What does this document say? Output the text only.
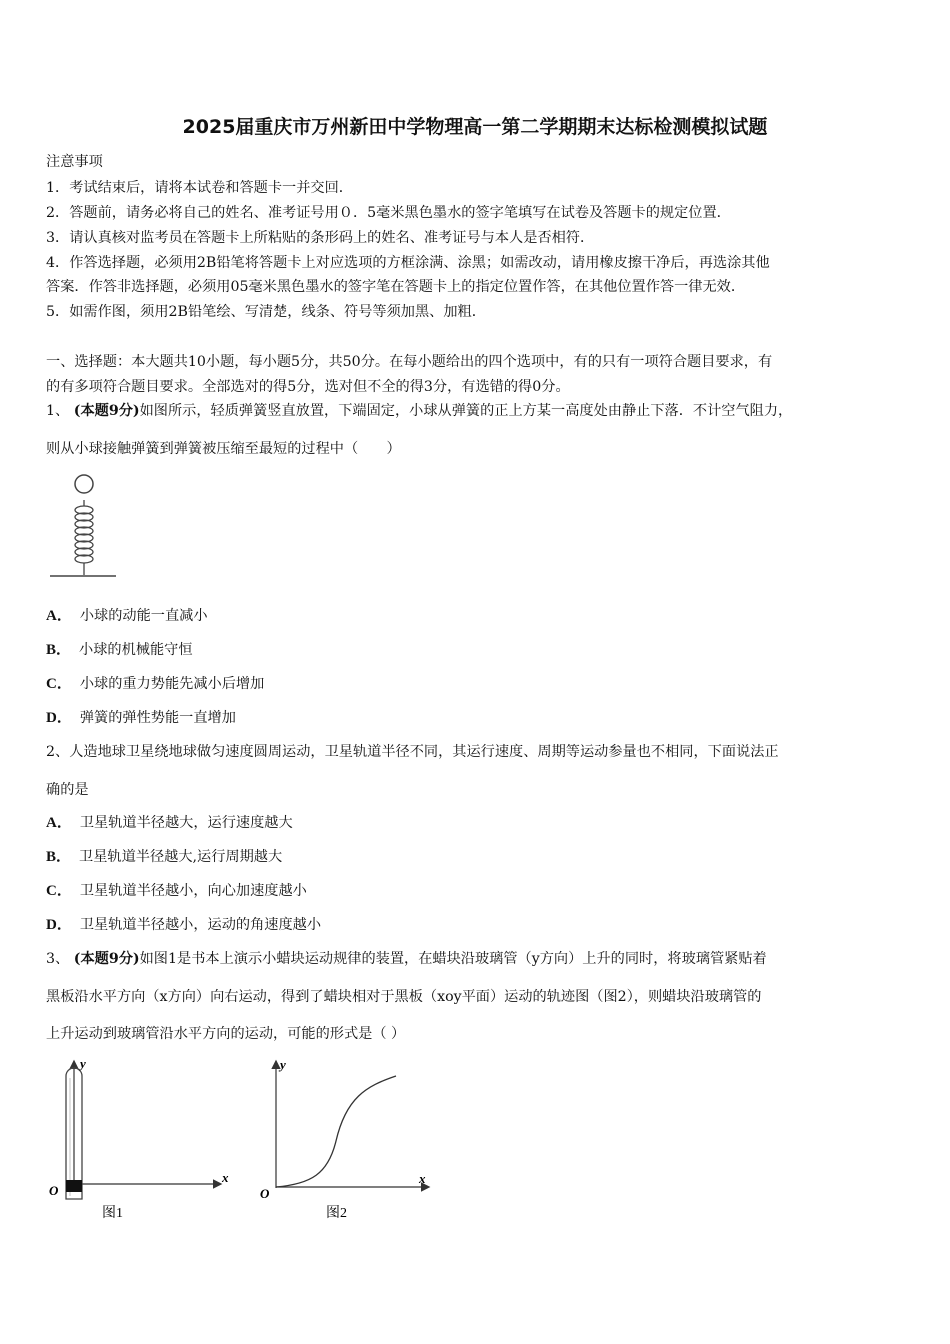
2025届重庆市万州新田中学物理高一第二学期期末达标检测模拟试题
注意事项
1．考试结束后，请将本试卷和答题卡一并交回．
2．答题前，请务必将自己的姓名、准考证号用０．5毫米黑色墨水的签字笔填写在试卷及答题卡的规定位置．
3．请认真核对监考员在答题卡上所粘贴的条形码上的姓名、准考证号与本人是否相符．
4．作答选择题，必须用2B铅笔将答题卡上对应选项的方框涂满、涂黑；如需改动，请用橡皮擦干净后，再选涂其他
答案．作答非选择题，必须用05毫米黑色墨水的签字笔在答题卡上的指定位置作答，在其他位置作答一律无效．
5．如需作图，须用2B铅笔绘、写清楚，线条、符号等须加黑、加粗．
一、选择题：本大题共10小题，每小题5分，共50分。在每小题给出的四个选项中，有的只有一项符合题目要求，有
的有多项符合题目要求。全部选对的得5分，选对但不全的得3分，有选错的得0分。
1、 (本题9分)如图所示，轻质弹簧竖直放置，下端固定，小球从弹簧的正上方某一高度处由静止下落．不计空气阻力，
则从小球接触弹簧到弹簧被压缩至最短的过程中（　　）
A． 小球的动能一直减小
B． 小球的机械能守恒
C． 小球的重力势能先减小后增加
D． 弹簧的弹性势能一直增加
2、人造地球卫星绕地球做匀速度圆周运动，卫星轨道半径不同，其运行速度、周期等运动参量也不相同，下面说法正
确的是
A． 卫星轨道半径越大，运行速度越大
B． 卫星轨道半径越大,运行周期越大
C． 卫星轨道半径越小，向心加速度越小
D． 卫星轨道半径越小，运动的角速度越小
3、 (本题9分)如图1是书本上演示小蜡块运动规律的装置，在蜡块沿玻璃管（y方向）上升的同时，将玻璃管紧贴着
黑板沿水平方向（x方向）向右运动，得到了蜡块相对于黑板（xoy平面）运动的轨迹图（图2），则蜡块沿玻璃管的
上升运动到玻璃管沿水平方向的运动，可能的形式是（ ）
y
x
O
图1
y
x
O
图2
